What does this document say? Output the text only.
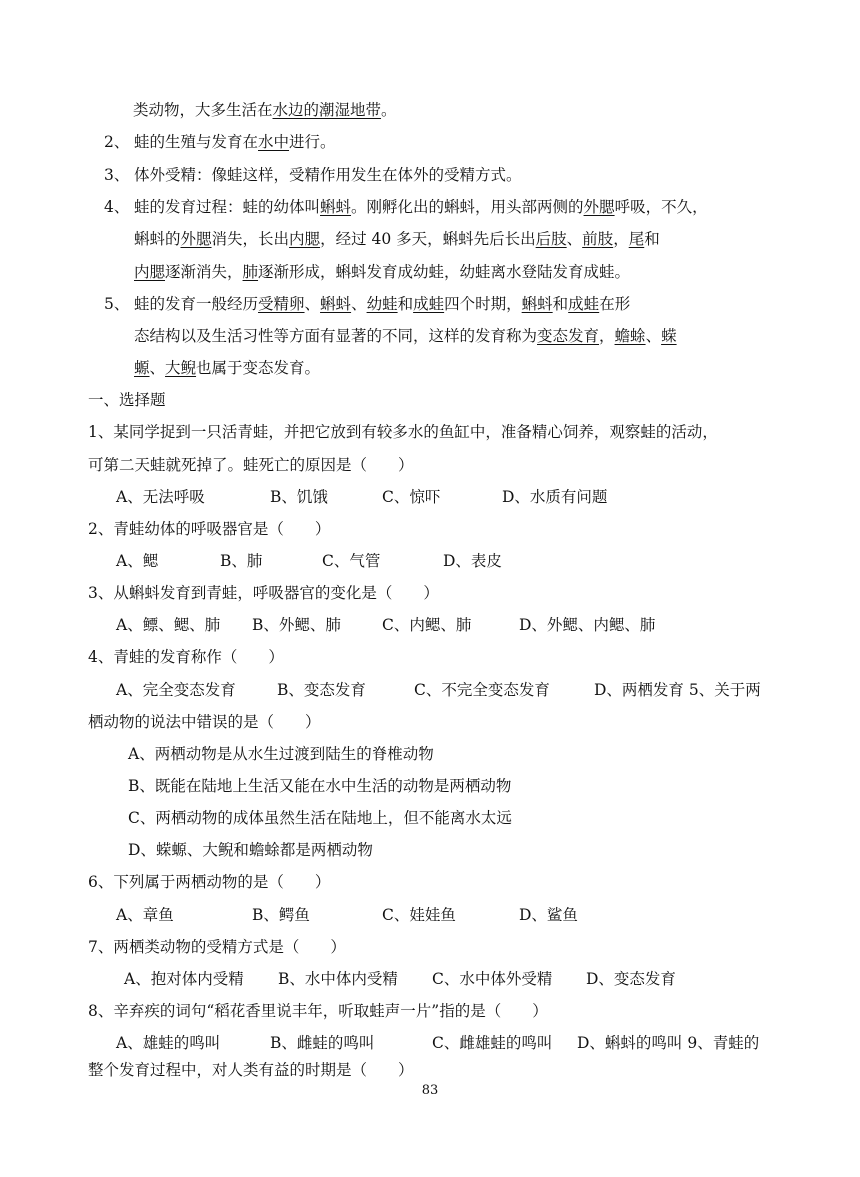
类动物，大多生活在水边的潮湿地带。
2、 蛙的生殖与发育在水中进行。
3、 体外受精：像蛙这样，受精作用发生在体外的受精方式。
4、 蛙的发育过程：蛙的幼体叫蝌蚪。刚孵化出的蝌蚪，用头部两侧的外腮呼吸，不久，
蝌蚪的外腮消失，长出内腮，经过 40 多天，蝌蚪先后长出后肢、前肢，尾和
内腮逐渐消失，肺逐渐形成，蝌蚪发育成幼蛙，幼蛙离水登陆发育成蛙。
5、 蛙的发育一般经历受精卵、蝌蚪、幼蛙和成蛙四个时期，蝌蚪和成蛙在形
态结构以及生活习性等方面有显著的不同，这样的发育称为变态发育，蟾蜍、蝾
螈、大鲵也属于变态发育。
一、选择题
1、某同学捉到一只活青蛙，并把它放到有较多水的鱼缸中，准备精心饲养，观察蛙的活动，
可第二天蛙就死掉了。蛙死亡的原因是（　　）
A、无法呼吸	B、饥饿	C、惊吓	D、水质有问题
2、青蛙幼体的呼吸器官是（　　）
A、鳃	B、肺	C、气管	D、表皮
3、从蝌蚪发育到青蛙，呼吸器官的变化是（　　）
A、鳔、鳃、肺 B、外鳃、肺	C、内鳃、肺	D、外鳃、内鳃、肺
4、青蛙的发育称作（　　）
A、完全变态发育	B、变态发育	C、不完全变态发育	D、两栖发育 5、关于两
栖动物的说法中错误的是（　　）
A、两栖动物是从水生过渡到陆生的脊椎动物
B、既能在陆地上生活又能在水中生活的动物是两栖动物
C、两栖动物的成体虽然生活在陆地上，但不能离水太远
D、蝾螈、大鲵和蟾蜍都是两栖动物
6、下列属于两栖动物的是（　　）
A、章鱼	B、鳄鱼	C、娃娃鱼	D、鲨鱼
7、两栖类动物的受精方式是（　　）
A、抱对体内受精 B、水中体内受精 C、水中体外受精 D、变态发育
8、辛弃疾的词句“稻花香里说丰年，听取蛙声一片”指的是（　　）
A、雄蛙的鸣叫	B、雌蛙的鸣叫	C、雌雄蛙的鸣叫 D、蝌蚪的鸣叫 9、青蛙的
整个发育过程中，对人类有益的时期是（　　）
83
